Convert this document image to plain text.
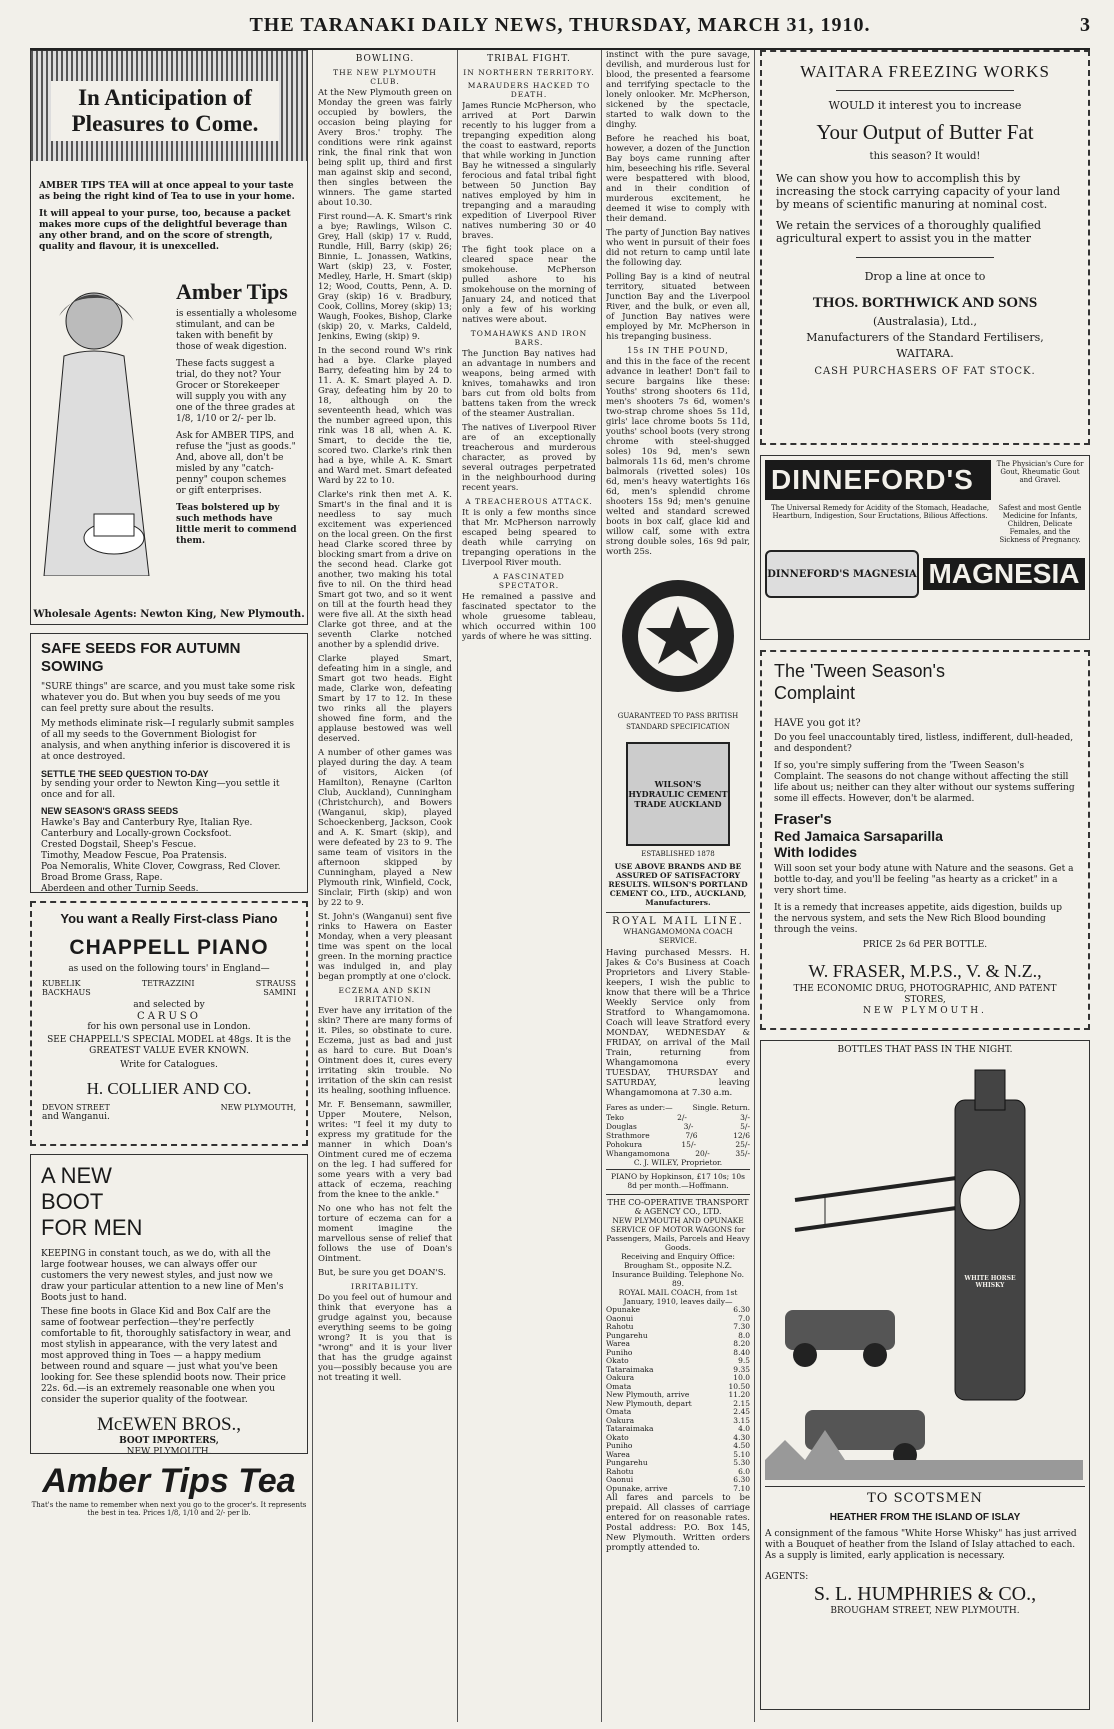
THE TARANAKI DAILY NEWS, THURSDAY, MARCH 31, 1910.	3
In Anticipation of Pleasures to Come.

AMBER TIPS TEA will at once appeal to your taste as being the right kind of Tea to use in your home.

It will appeal to your purse, too, because a packet makes more cups of the delightful beverage than any other brand, and on the score of strength, quality and flavour, it is unexcelled.

Amber Tips

is essentially a wholesome stimulant, and can be taken with benefit by those of weak digestion.

These facts suggest a trial, do they not? Your Grocer or Storekeeper will supply you with any one of the three grades at 1/8, 1/10 or 2/- per lb.

Ask for AMBER TIPS, and refuse the "just as goods." And, above all, don't be misled by any "catch-penny" coupon schemes or gift enterprises.

Teas bolstered up by such methods have little merit to commend them.

Wholesale Agents: Newton King, New Plymouth.
SAFE SEEDS FOR AUTUMN SOWING

"SURE things" are scarce, and you must take some risk whatever you do. But when you buy seeds of me you can feel pretty sure about the results.

My methods eliminate risk—I regularly submit samples of all my seeds to the Government Biologist for analysis, and when anything inferior is discovered it is at once destroyed.

SETTLE THE SEED QUESTION TO-DAY

by sending your order to Newton King—you settle it once and for all.

NEW SEASON'S GRASS SEEDS
Hawke's Bay and Canterbury Rye, Italian Rye.
Canterbury and Locally-grown Cocksfoot.
Crested Dogstail, Sheep's Fescue.
Timothy, Meadow Fescue, Poa Pratensis.
Poa Nemoralis, White Clover, Cowgrass, Red Clover.
Broad Brome Grass, Rape.
Aberdeen and other Turnip Seeds.

You want a Really First-class Piano
CHAPPELL PIANO
as used on the following tours' in England—
KUBELIK	TETRAZZINI	STRAUSS
BACKHAUS	SAMINI
and selected by
CARUSO
for his own personal use in London.
SEE CHAPPELL'S SPECIAL MODEL at 48gs. It is the GREATEST VALUE EVER KNOWN.
Write for Catalogues.
H. COLLIER AND CO.
DEVON STREET	NEW PLYMOUTH,
and Wanganui.
A NEW BOOT FOR MEN

KEEPING in constant touch, as we do, with all the large footwear houses, we can always offer our customers the very newest styles, and just now we draw your particular attention to a new line of Men's Boots just to hand.

These fine boots in Glace Kid and Box Calf are the same of footwear perfection—they're perfectly comfortable to fit, thoroughly satisfactory in wear, and most stylish in appearance, with the very latest and most approved thing in Toes — a happy medium between round and square — just what you've been looking for. See these splendid boots now. Their price 22s. 6d.—is an extremely reasonable one when you consider the superior quality of the footwear.

McEWEN BROS.,
BOOT IMPORTERS,
NEW PLYMOUTH.
Amber Tips Tea
That's the name to remember when next you go to the grocer's. It represents the best in tea. Prices 1/8, 1/10 and 2/- per lb.
BOWLING.
THE NEW PLYMOUTH CLUB.

At the New Plymouth green on Monday the green was fairly occupied by bowlers, the occasion being playing for Avery Bros.' trophy. The conditions were rink against rink, the final rink that won being split up, third and first man against skip and second, then singles between the winners. The game started about 10.30.

First round—A. K. Smart's rink a bye; Rawlings, Wilson C. Grey, Hall (skip) 17 v. Rudd, Rundle, Hill, Barry (skip) 26; Binnie, L. Jonassen, Watkins, Wart (skip) 23, v. Foster, Medley, Harle, H. Smart (skip) 12; Wood, Coutts, Penn, A. D. Gray (skip) 16 v. Bradbury, Cook, Collins, Morey (skip) 13; Waugh, Fookes, Bishop, Clarke (skip) 20, v. Marks, Caldeld, Jenkins, Ewing (skip) 9.

In the second round W's rink had a bye. Clarke played Barry, defeating him by 24 to 11. A. K. Smart played A. D. Gray, defeating him by 20 to 18, although on the seventeenth head, which was the number agreed upon, this rink was 18 all, when A. K. Smart, to decide the tie, scored two. Clarke's rink then had a bye, while A. K. Smart and Ward met. Smart defeated Ward by 22 to 10.

Clarke's rink then met A. K. Smart's in the final and it is needless to say much excitement was experienced on the local green. On the first head Clarke scored three by blocking smart from a drive on the second head. Clarke got another, two making his total five to nil. On the third head Smart got two, and so it went on till at the fourth head they were five all. At the sixth head Clarke got three, and at the seventh Clarke notched another by a splendid drive.

Clarke played Smart, defeating him in a single, and Smart got two heads. Eight made, Clarke won, defeating Smart by 17 to 12. In these two rinks all the players showed fine form, and the applause bestowed was well deserved.

A number of other games was played during the day. A team of visitors, Aicken (of Hamilton), Renayne (Carlton Club, Auckland), Cunningham (Christchurch), and Bowers (Wanganui, skip), played Schoeckenberg, Jackson, Cook and A. K. Smart (skip), and were defeated by 23 to 9. The same team of visitors in the afternoon skipped by Cunningham, played a New Plymouth rink, Winfield, Cock, Sinclair, Firth (skip) and won by 22 to 9.

St. John's (Wanganui) sent five rinks to Hawera on Easter Monday, when a very pleasant time was spent on the local green. In the morning practice was indulged in, and play began promptly at one o'clock.

ECZEMA AND SKIN IRRITATION.

Ever have any irritation of the skin? There are many forms of it. Piles, so obstinate to cure. Eczema, just as bad and just as hard to cure. But Doan's Ointment does it, cures every irritating skin trouble. No irritation of the skin can resist its healing, soothing influence.

Mr. F. Bensemann, sawmiller, Upper Moutere, Nelson, writes: "I feel it my duty to express my gratitude for the manner in which Doan's Ointment cured me of eczema on the leg. I had suffered for some years with a very bad attack of eczema, reaching from the knee to the ankle."

No one who has not felt the torture of eczema can for a moment imagine the marvellous sense of relief that follows the use of Doan's Ointment.

But, be sure you get DOAN'S.

IRRITABILITY.

Do you feel out of humour and think that everyone has a grudge against you, because everything seems to be going wrong? It is you that is "wrong" and it is your liver that has the grudge against you—possibly because you are not treating it well.

TRIBAL FIGHT.
IN NORTHERN TERRITORY.
MARAUDERS HACKED TO DEATH.

James Runcie McPherson, who arrived at Port Darwin recently to his lugger from a trepanging expedition along the coast to eastward, reports that while working in Junction Bay he witnessed a singularly ferocious and fatal tribal fight between 50 Junction Bay natives employed by him in trepanging and a marauding expedition of Liverpool River natives numbering 30 or 40 braves.

The fight took place on a cleared space near the smokehouse. McPherson pulled ashore to his smokehouse on the morning of January 24, and noticed that only a few of his working natives were about.

TOMAHAWKS AND IRON BARS.

The Junction Bay natives had an advantage in numbers and weapons, being armed with knives, tomahawks and iron bars cut from old bolts from battens taken from the wreck of the steamer Australian.

The natives of Liverpool River are of an exceptionally treacherous and murderous character, as proved by several outrages perpetrated in the neighbourhood during recent years.

A TREACHEROUS ATTACK.

It is only a few months since that Mr. McPherson narrowly escaped being speared to death while carrying on trepanging operations in the Liverpool River mouth.

A FASCINATED SPECTATOR.

He remained a passive and fascinated spectator to the whole gruesome tableau, which occurred within 100 yards of where he was sitting.

instinct with the pure savage, devilish, and murderous lust for blood, the presented a fearsome and terrifying spectacle to the lonely onlooker. Mr. McPherson, sickened by the spectacle, started to walk down to the dinghy.

Before he reached his boat, however, a dozen of the Junction Bay boys came running after him, beseeching his rifle. Several were bespattered with blood, and in their condition of murderous excitement, he deemed it wise to comply with their demand.

The party of Junction Bay natives who went in pursuit of their foes did not return to camp until late the following day.

Polling Bay is a kind of neutral territory, situated between Junction Bay and the Liverpool River, and the bulk, or even all, of Junction Bay natives were employed by Mr. McPherson in his trepanging business.

15s IN THE POUND,

and this in the face of the recent advance in leather! Don't fail to secure bargains like these: Youths' strong shooters 6s 11d, men's shooters 7s 6d, women's two-strap chrome shoes 5s 11d, girls' lace chrome boots 5s 11d, youths' school boots (very strong chrome with steel-shugged soles) 10s 9d, men's sewn balmorals 11s 6d, men's chrome balmorals (rivetted soles) 10s 6d, men's heavy watertights 16s 6d, men's splendid chrome shooters 15s 9d; men's genuine welted and standard screwed boots in box calf, glace kid and willow calf, some with extra strong double soles, 16s 9d pair, worth 25s.

GUARANTEED TO PASS BRITISH STANDARD SPECIFICATION
WILSON'S HYDRAULIC CEMENT TRADE AUCKLAND
ESTABLISHED 1878
USE ABOVE BRANDS AND BE ASSURED OF SATISFACTORY RESULTS. WILSON'S PORTLAND CEMENT CO., LTD., AUCKLAND, Manufacturers.
ROYAL MAIL LINE.
WHANGAMOMONA COACH SERVICE.

Having purchased Messrs. H. Jakes & Co's Business at Coach Proprietors and Livery Stable-keepers, I wish the public to know that there will be a Thrice Weekly Service only from Stratford to Whangamomona. Coach will leave Stratford every MONDAY, WEDNESDAY & FRIDAY, on arrival of the Mail Train, returning from Whangamomona every TUESDAY, THURSDAY and SATURDAY, leaving Whangamomona at 7.30 a.m.

Fares as under:—	Single. Return.
Teko	2/-	3/-
Douglas	3/-	5/-
Strathmore	7/6	12/6
Pohokura	15/-	25/-
Whangamomona	20/-	35/-
C. J. WILEY, Proprietor.
PIANO by Hopkinson, £17 10s; 10s 8d per month.—Hoffmann.
THE CO-OPERATIVE TRANSPORT & AGENCY CO., LTD.
NEW PLYMOUTH AND OPUNAKE SERVICE OF MOTOR WAGONS for Passengers, Mails, Parcels and Heavy Goods.
Receiving and Enquiry Office: Brougham St., opposite N.Z. Insurance Building. Telephone No. 89.
ROYAL MAIL COACH, from 1st January, 1910, leaves daily—
Opunake	6.30
Oaonui	7.0
Rahotu	7.30
Pungarehu	8.0
Warea	8.20
Puniho	8.40
Okato	9.5
Tataraimaka	9.35
Oakura	10.0
Omata	10.50
New Plymouth, arrive	11.20
New Plymouth, depart	2.15
Omata	2.45
Oakura	3.15
Tataraimaka	4.0
Okato	4.30
Puniho	4.50
Warea	5.10
Pungarehu	5.30
Rahotu	6.0
Oaonui	6.30
Opunake, arrive	7.10

All fares and parcels to be prepaid. All classes of carriage entered for on reasonable rates. Postal address: P.O. Box 145, New Plymouth. Written orders promptly attended to.

WAITARA FREEZING WORKS
WOULD it interest you to increase
Your Output of Butter Fat
this season? It would!

We can show you how to accomplish this by increasing the stock carrying capacity of your land by means of scientific manuring at nominal cost.

We retain the services of a thoroughly qualified agricultural expert to assist you in the matter

Drop a line at once to
THOS. BORTHWICK AND SONS
(Australasia), Ltd.,
Manufacturers of the Standard Fertilisers,
WAITARA.
CASH PURCHASERS OF FAT STOCK.
DINNEFORD'S	The Physician's Cure for Gout, Rheumatic Gout and Gravel.
The Universal Remedy for Acidity of the Stomach, Headache, Heartburn, Indigestion, Sour Eructations, Bilious Affections.
Safest and most Gentle Medicine for Infants, Children, Delicate Females, and the Sickness of Pregnancy.
DINNEFORD'S MAGNESIA MAGNESIA
The 'Tween Season's Complaint
HAVE you got it?

Do you feel unaccountably tired, listless, indifferent, dull-headed, and despondent?

If so, you're simply suffering from the 'Tween Season's Complaint. The seasons do not change without affecting the still life about us; neither can they alter without our systems suffering some ill effects. However, don't be alarmed.

Fraser's
Red Jamaica Sarsaparilla
With Iodides

Will soon set your body atune with Nature and the seasons. Get a bottle to-day, and you'll be feeling "as hearty as a cricket" in a very short time.

It is a remedy that increases appetite, aids digestion, builds up the nervous system, and sets the New Rich Blood bounding through the veins.

PRICE 2s 6d PER BOTTLE.
W. FRASER, M.P.S., V. & N.Z.,
THE ECONOMIC DRUG, PHOTOGRAPHIC, AND PATENT STORES,
NEW PLYMOUTH.
BOTTLES THAT PASS IN THE NIGHT.
WHITE HORSE WHISKY
TO SCOTSMEN
HEATHER FROM THE ISLAND OF ISLAY

A consignment of the famous "White Horse Whisky" has just arrived with a Bouquet of heather from the Island of Islay attached to each. As a supply is limited, early application is necessary.

AGENTS:
S. L. HUMPHRIES & CO.,
BROUGHAM STREET, NEW PLYMOUTH.
